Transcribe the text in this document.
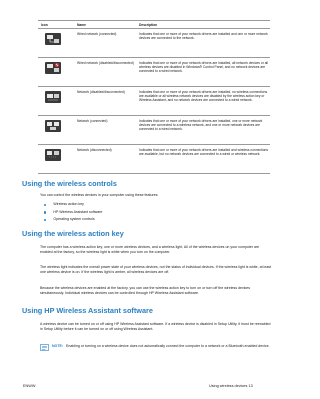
Icon	Name	Description
Wired network (connected)	Indicates that one or more of your network drivers are installed and one or more network devices are connected to the network.
Wired network (disabled/disconnected)	Indicates that one or more of your network drivers are installed, all network devices or all wireless devices are disabled in Windows® Control Panel, and no network devices are connected to a wired network.
Network (disabled/disconnected)	Indicates that one or more of your network drivers are installed, no wireless connections are available or all wireless network devices are disabled by the wireless action key or Wireless Assistant, and no network devices are connected to a wired network.
Network (connected)	Indicates that one or more of your network drivers are installed, one or more network devices are connected to a wireless network, and one or more network devices are connected to a wired network.
Network (disconnected)	Indicates that one or more of your network drivers are installed and wireless connections are available, but no network devices are connected to a wired or wireless network.
Using the wireless controls
You can control the wireless devices in your computer using these features:
Wireless action key
HP Wireless Assistant software
Operating system controls
Using the wireless action key
The computer has a wireless action key, one or more wireless devices, and a wireless light. All of the wireless devices on your computer are enabled at the factory, so the wireless light is white when you turn on the computer.
The wireless light indicates the overall power state of your wireless devices, not the status of individual devices. If the wireless light is white, at least one wireless device is on. If the wireless light is amber, all wireless devices are off.
Because the wireless devices are enabled at the factory, you can use the wireless action key to turn on or turn off the wireless devices simultaneously. Individual wireless devices can be controlled through HP Wireless Assistant software.
Using HP Wireless Assistant software
A wireless device can be turned on or off using HP Wireless Assistant software. If a wireless device is disabled in Setup Utility, it must be reenabled in Setup Utility before it can be turned on or off using Wireless Assistant.
NOTE: Enabling or turning on a wireless device does not automatically connect the computer to a network or a Bluetooth-enabled device.
ENWW	Using wireless devices 13
